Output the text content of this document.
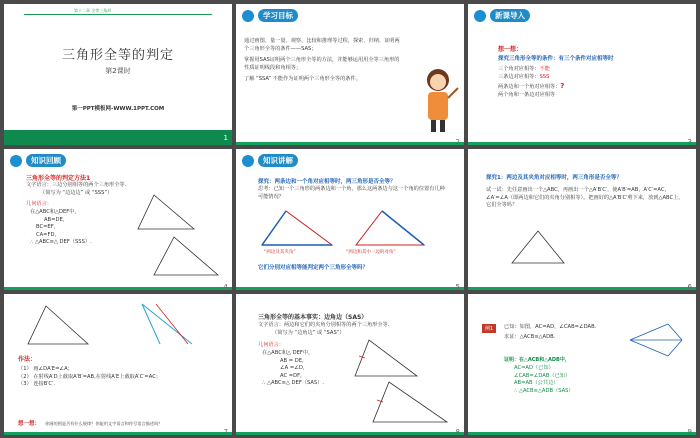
第十二章 全等三角形
三角形全等的判定
第2课时
第一PPT模板网-WWW.1PPT.COM
1
学习目标
通过画图、量一量、观察、比较和推理等过程，探索、归纳、证明两个三角形全等的条件——SAS；
掌握用SAS证明两个三角形全等的方法，并能够运用用全等三角形的性质证明线段和角相等；
了解 “SSA” 不能作为证明两个三角形全等的条件。
2
新课导入
想一想：
探究三角形全等的条件：有三个条件对应相等时
三个角对应相等：不能
三条边对应相等：SSS
两条边和一个角对应相等：?
两个角和一条边对应相等
3
知识回顾
三角形全等的判定方法1
文字语言：三边分别相等的两个三角形全等.
（简写为 “边边边” 或 “SSS”）
几何语言：
在△ABC和△DEF中，
AB=DE，
BC=EF，
CA=FD，
∴ △ABC≌△ DEF（SSS）.
4
知识讲解
探究：两条边和一个角对应相等时，两三角形是否全等？
思考：已知一个三角形的两条边和一个角，那么这两条边与这一个角的位置有几种可能情况？
“两边及其夹角”	“两边和其中一边的对角”
它们分别对应相等能判定两个三角形全等吗？
5
探究1：两边及其夹角对应相等时，两三角形是否全等？
试一试：先任意画出一个△ABC，再画出一个△A′B′C′，使A′B′=AB，A′C′=AC，∠A′=∠A（即两边和它们的夹角分别相等）。把画好的△A′B′C′剪下来，放到△ABC上，它们全等吗？
6
作法：
（1） 画∠DA′E=∠A；
（2） 在射线A′D上截取A′B′=AB,在射线A′E上截取A′C′=AC；
（3） 连接B′C′.
想一想： 你画的图是否有什么规律？你能用文字语言和符号语言描述吗？
7
三角形全等的基本事实：边角边（SAS）
文字语言：两边和它们的夹角分别相等的两个三角形全等.
（简写为 “边角边” 或 “SAS”）
几何语言：
在△ABC和△ DEF中，
AB = DE，
∠A =∠D，
AC =DF，
∴ △ABC≌△ DEF（SAS）.
8
例1	已知：如图，AC=AD，∠CAB=∠DAB.
求证：△ACB≌△ADB.
证明：在△ACB和△ADB中，
AC=AD（已知）
∠CAB=∠DAB（已知）
AB=AB（公共边）
∴ △ACB≌△ADB（SAS）
9
